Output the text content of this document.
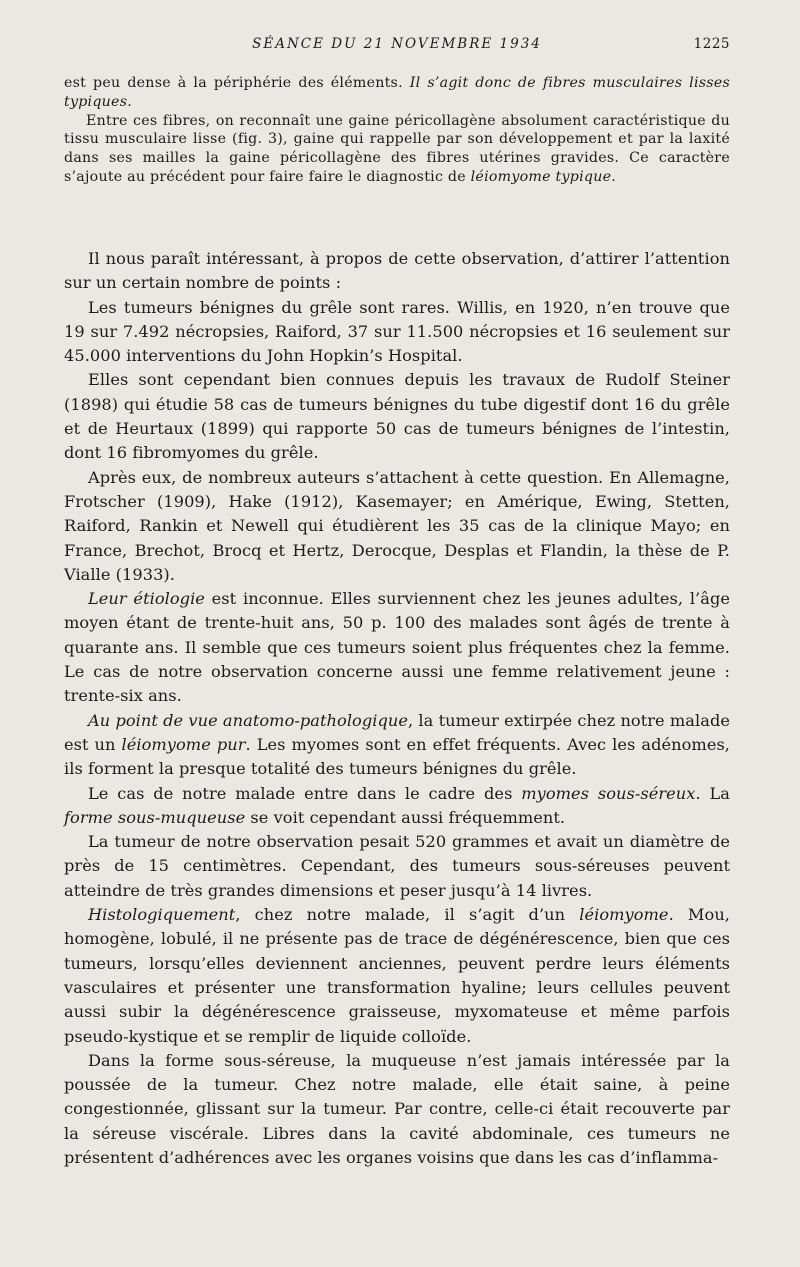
SÉANCE DU 21 NOVEMBRE 1934	1225

est peu dense à la périphérie des éléments. Il s’agit donc de fibres musculaires lisses typiques.

Entre ces fibres, on reconnaît une gaine péricollagène absolument caractéristique du tissu musculaire lisse (fig. 3), gaine qui rappelle par son développement et par la laxité dans ses mailles la gaine péricollagène des fibres utérines gravides. Ce caractère s’ajoute au précédent pour faire faire le diagnostic de léiomyome typique.

Il nous paraît intéressant, à propos de cette observation, d’attirer l’attention sur un certain nombre de points :

Les tumeurs bénignes du grêle sont rares. Willis, en 1920, n’en trouve que 19 sur 7.492 nécropsies, Raiford, 37 sur 11.500 nécropsies et 16 seulement sur 45.000 interventions du John Hopkin’s Hospital.

Elles sont cependant bien connues depuis les travaux de Rudolf Steiner (1898) qui étudie 58 cas de tumeurs bénignes du tube digestif dont 16 du grêle et de Heurtaux (1899) qui rapporte 50 cas de tumeurs bénignes de l’intestin, dont 16 fibromyomes du grêle.

Après eux, de nombreux auteurs s’attachent à cette question. En Allemagne, Frotscher (1909), Hake (1912), Kasemayer; en Amérique, Ewing, Stetten, Raiford, Rankin et Newell qui étudièrent les 35 cas de la clinique Mayo; en France, Brechot, Brocq et Hertz, Derocque, Desplas et Flandin, la thèse de P. Vialle (1933).

Leur étiologie est inconnue. Elles surviennent chez les jeunes adultes, l’âge moyen étant de trente-huit ans, 50 p. 100 des malades sont âgés de trente à quarante ans. Il semble que ces tumeurs soient plus fréquentes chez la femme. Le cas de notre observation concerne aussi une femme relativement jeune : trente-six ans.

Au point de vue anatomo-pathologique, la tumeur extirpée chez notre malade est un léiomyome pur. Les myomes sont en effet fréquents. Avec les adénomes, ils forment la presque totalité des tumeurs bénignes du grêle.

Le cas de notre malade entre dans le cadre des myomes sous-séreux. La forme sous-muqueuse se voit cependant aussi fréquemment.

La tumeur de notre observation pesait 520 grammes et avait un diamètre de près de 15 centimètres. Cependant, des tumeurs sous-séreuses peuvent atteindre de très grandes dimensions et peser jusqu’à 14 livres.

Histologiquement, chez notre malade, il s’agit d’un léiomyome. Mou, homogène, lobulé, il ne présente pas de trace de dégénérescence, bien que ces tumeurs, lorsqu’elles deviennent anciennes, peuvent perdre leurs éléments vasculaires et présenter une transformation hyaline; leurs cellules peuvent aussi subir la dégénérescence graisseuse, myxomateuse et même parfois pseudo-kystique et se remplir de liquide colloïde.

Dans la forme sous-séreuse, la muqueuse n’est jamais intéressée par la poussée de la tumeur. Chez notre malade, elle était saine, à peine congestionnée, glissant sur la tumeur. Par contre, celle-ci était recouverte par la séreuse viscérale. Libres dans la cavité abdominale, ces tumeurs ne présentent d’adhérences avec les organes voisins que dans les cas d’inflamma-
